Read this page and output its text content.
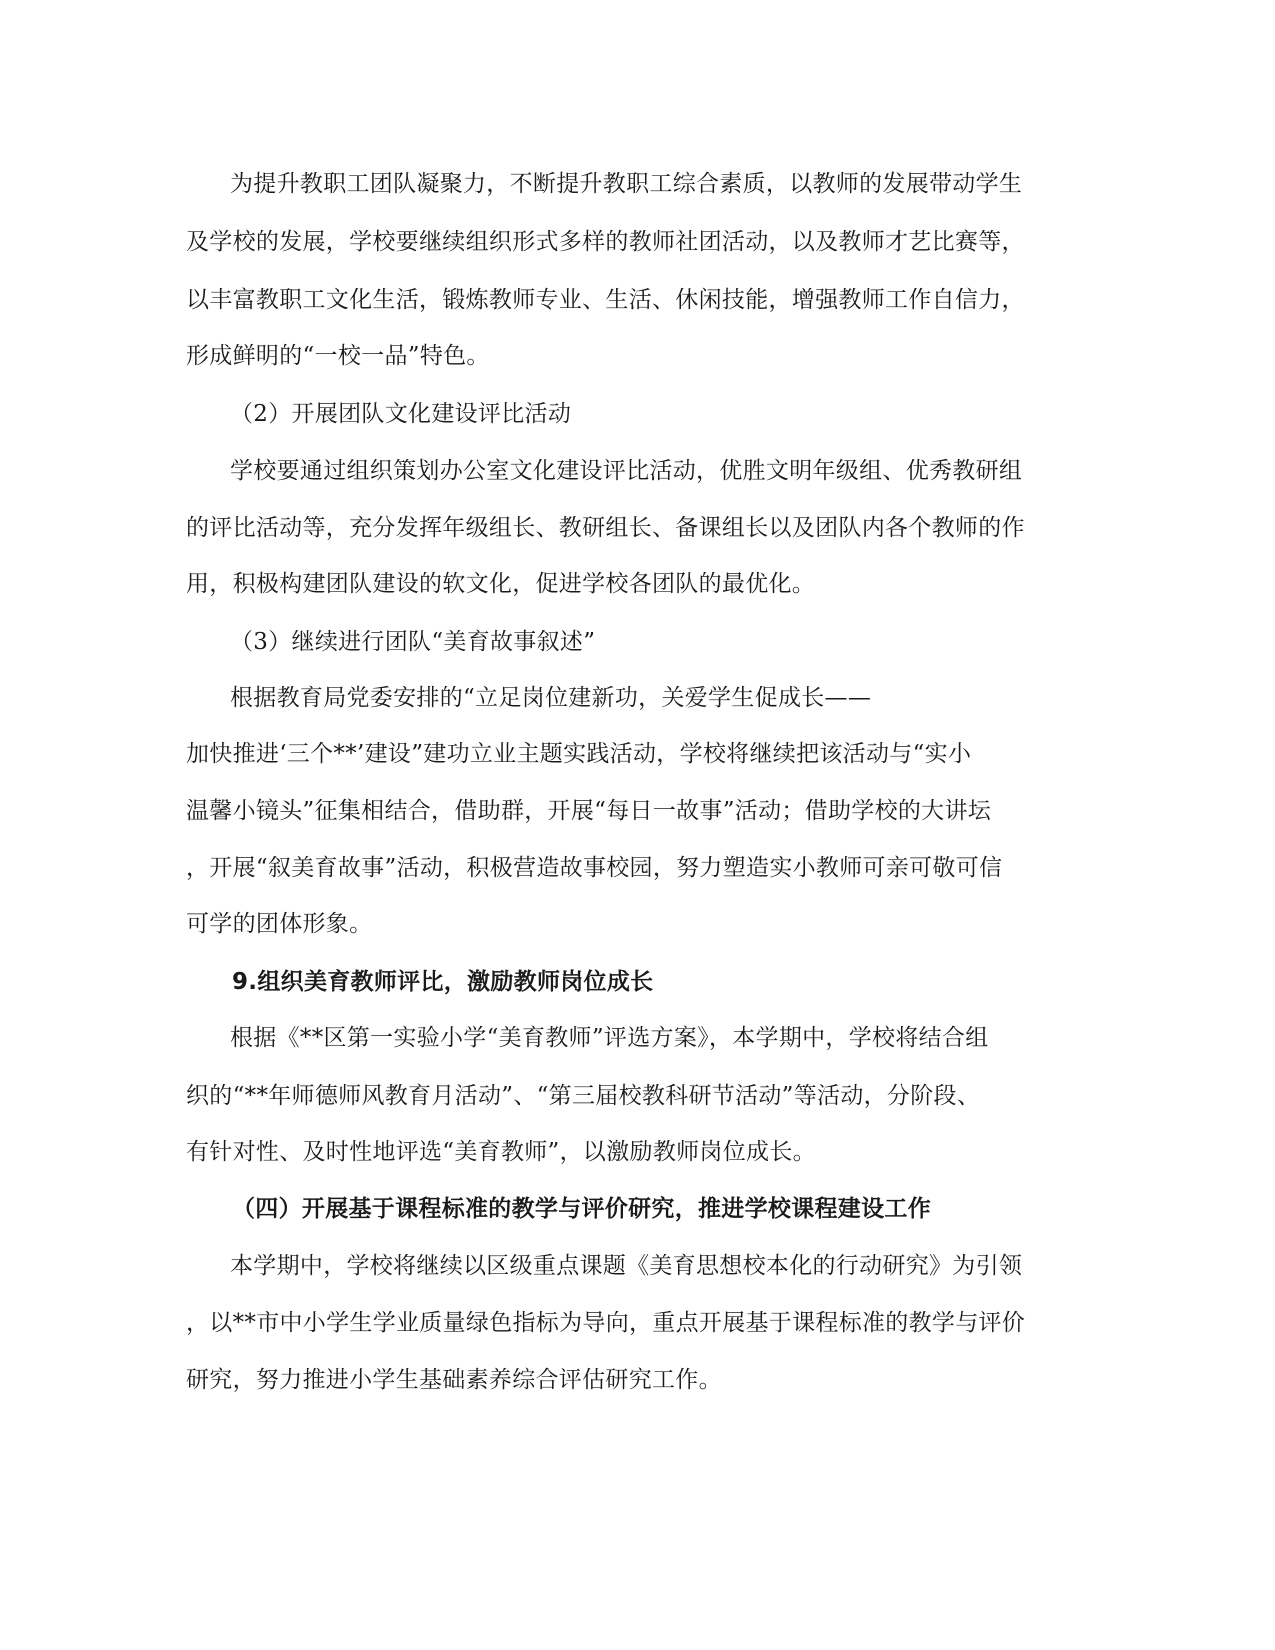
为提升教职工团队凝聚力，不断提升教职工综合素质，以教师的发展带动学生
及学校的发展，学校要继续组织形式多样的教师社团活动，以及教师才艺比赛等，
以丰富教职工文化生活，锻炼教师专业、生活、休闲技能，增强教师工作自信力，
形成鲜明的“一校一品”特色。
（2）开展团队文化建设评比活动
学校要通过组织策划办公室文化建设评比活动，优胜文明年级组、优秀教研组
的评比活动等，充分发挥年级组长、教研组长、备课组长以及团队内各个教师的作
用，积极构建团队建设的软文化，促进学校各团队的最优化。
（3）继续进行团队“美育故事叙述”
根据教育局党委安排的“立足岗位建新功，关爱学生促成长——
加快推进‘三个**’建设”建功立业主题实践活动，学校将继续把该活动与“实小
温馨小镜头”征集相结合，借助群，开展“每日一故事”活动；借助学校的大讲坛
，开展“叙美育故事”活动，积极营造故事校园，努力塑造实小教师可亲可敬可信
可学的团体形象。
9.组织美育教师评比，激励教师岗位成长
根据《**区第一实验小学“美育教师”评选方案》，本学期中，学校将结合组
织的“**年师德师风教育月活动”、“第三届校教科研节活动”等活动，分阶段、
有针对性、及时性地评选“美育教师”，以激励教师岗位成长。
（四）开展基于课程标准的教学与评价研究，推进学校课程建设工作
本学期中，学校将继续以区级重点课题《美育思想校本化的行动研究》为引领
，以**市中小学生学业质量绿色指标为导向，重点开展基于课程标准的教学与评价
研究，努力推进小学生基础素养综合评估研究工作。
